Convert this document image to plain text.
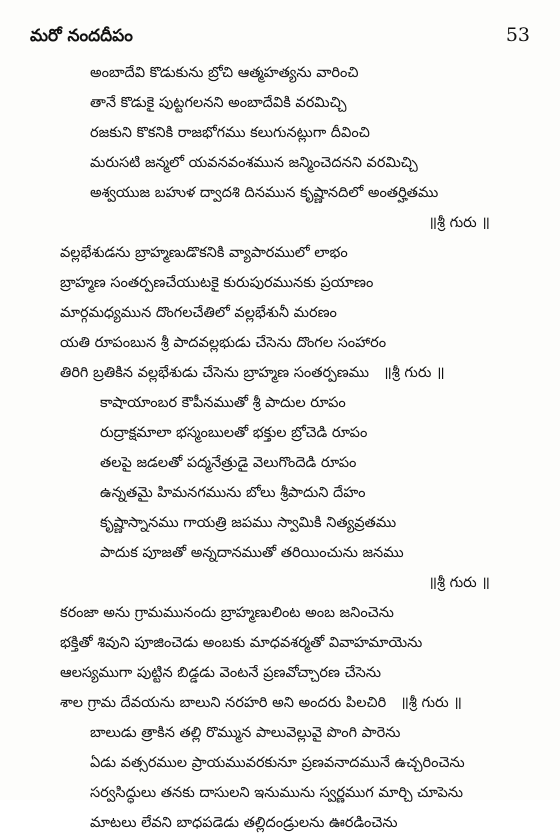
మరో నందదీపం	53
అంబాదేవి కొడుకును బ్రోచి ఆత్మహత్యను వారించి
తానే కొడుకై పుట్టగలనని అంబాదేవికి వరమిచ్చి
రజకుని కొకనికి రాజభోగము కలుగునట్లుగా దీవించి
మరుసటి జన్మలో యవనవంశమున జన్మించెదనని వరమిచ్చి
అశ్వయుజ బహుళ ద్వాదశి దినమున కృష్ణానదిలో అంతర్హితము
॥శ్రీ గురు ॥
వల్లభేశుడను బ్రాహ్మణుడొకనికి వ్యాపారములో లాభం
బ్రాహ్మణ సంతర్పణచేయుటకై కురుపురమునకు ప్రయాణం
మార్గమధ్యమున దొంగలచేతిలో వల్లభేశునీ మరణం
యతి రూపంబున శ్రీ పాదవల్లభుడు చేసెను దొంగల సంహారం
తిరిగి బ్రతికిన వల్లభేశుడు చేసెను బ్రాహ్మణ సంతర్పణము ॥శ్రీ గురు ॥
కాషాయాంబర కౌపీనముతో శ్రీ పాదుల రూపం
రుద్రాక్షమాలా భస్మంబులతో భక్తుల బ్రోచెడి రూపం
తలపై జడలతో పద్మనేత్రుడై వెలుగొందెడి రూపం
ఉన్నతమై హిమనగమును బోలు శ్రీపాదుని దేహం
కృష్ణాస్నానము గాయత్రి జపము స్వామికి నిత్యవ్రతము
పాదుక పూజతో అన్నదానముతో తరియించును జనము
॥శ్రీ గురు ॥
కరంజా అను గ్రామమునందు బ్రాహ్మణులింట అంబ జనించెను
భక్తితో శివుని పూజించెడు అంబకు మాధవశర్మతో వివాహమాయెను
ఆలస్యముగా పుట్టిన బిడ్డడు వెంటనే ప్రణవోచ్చారణ చేసెను
శాల గ్రామ దేవయను బాలుని నరహరి అని అందరు పిలచిరి ॥శ్రీ గురు ॥
బాలుడు త్రాకిన తల్లి రొమ్మున పాలువెల్లువై పొంగి పారెను
ఏడు వత్సరముల ప్రాయమువరకునూ ప్రణవనాదమునే ఉచ్చరించెను
సర్వసిద్ధులు తనకు దాసులని ఇనుమును స్వర్ణముగ మార్చి చూపెను
మాటలు లేవని బాధపడెడు తల్లిదండ్రులను ఊరడించెను
